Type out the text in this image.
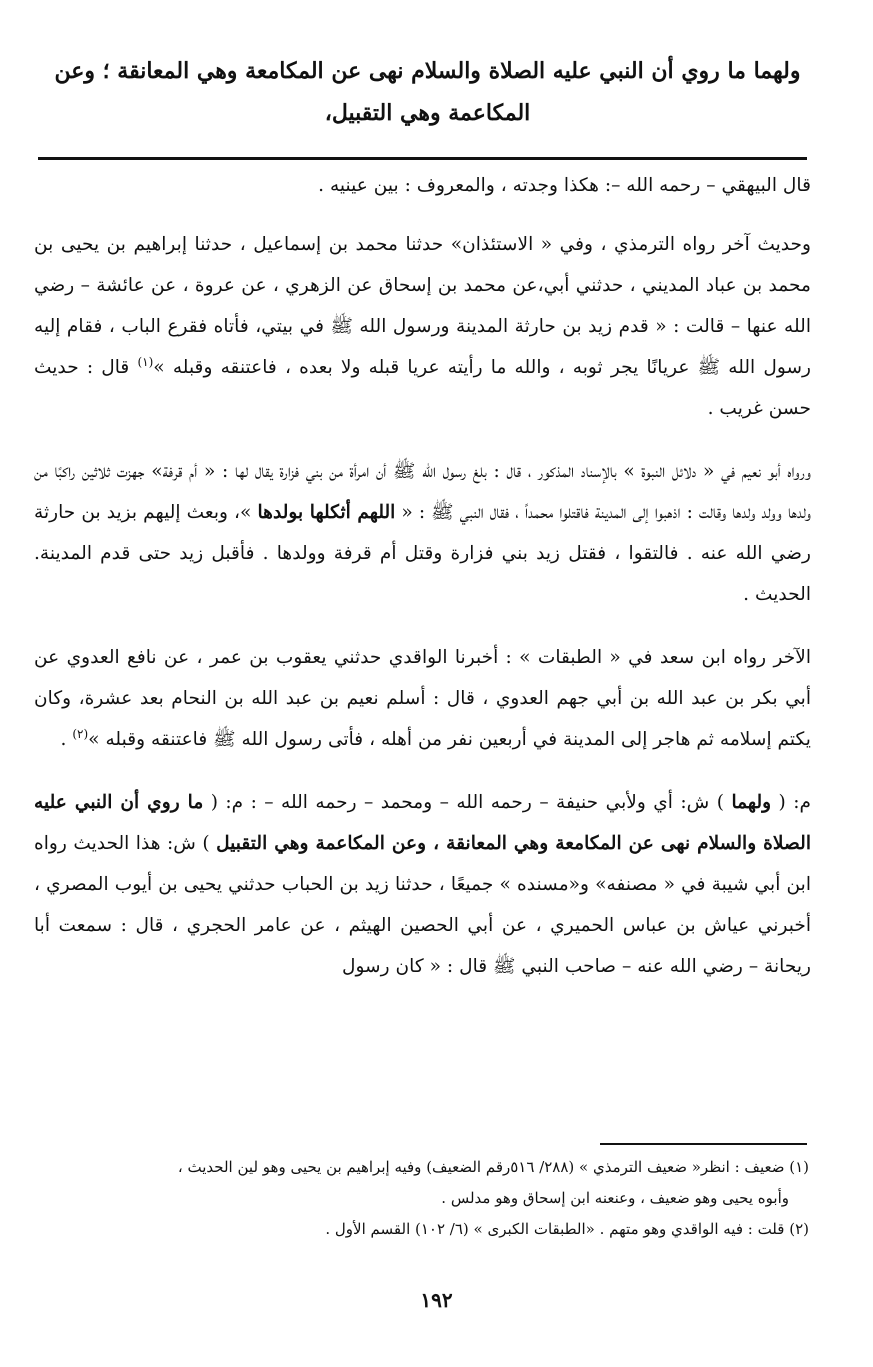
ولهما ما روي أن النبي عليه الصلاة والسلام نهى عن المكامعة وهي المعانقة ؛ وعن المكاعمة وهي التقبيل،

قال البيهقي – رحمه الله –: هكذا وجدته ، والمعروف : بين عينيه .

وحديث آخر رواه الترمذي ، وفي « الاستئذان» حدثنا محمد بن إسماعيل ، حدثنا إبراهيم بن يحيى بن محمد بن عباد المديني ، حدثني أبي،عن محمد بن إسحاق عن الزهري ، عن عروة ، عن عائشة – رضي الله عنها – قالت : « قدم زيد بن حارثة المدينة ورسول الله ﷺ في بيتي، فأتاه فقرع الباب ، فقام إليه رسول الله ﷺ عريانًا يجر ثوبه ، والله ما رأيته عريا قبله ولا بعده ، فاعتنقه وقبله »$^{(١)}$ قال : حديث حسن غريب .

ورواه أبو نعيم في « دلائل النبوة » بالإسناد المذكور ، قال : بلغ رسول الله ﷺ أن امرأة من بني فزارة يقال لها : « أم قرفة» جهزت ثلاثين راكبًا من ولدها وولد ولدها وقالت : اذهبوا إلى المدينة فاقتلوا محمداً ، فقال النبي ﷺ : « اللهم أثكلها بولدها »، وبعث إليهم بزيد بن حارثة رضي الله عنه . فالتقوا ، فقتل زيد بني فزارة وقتل أم قرفة وولدها . فأقبل زيد حتى قدم المدينة. الحديث .

الآخر رواه ابن سعد في « الطبقات » : أخبرنا الواقدي حدثني يعقوب بن عمر ، عن نافع العدوي عن أبي بكر بن عبد الله بن أبي جهم العدوي ، قال : أسلم نعيم بن عبد الله بن النحام بعد عشرة، وكان يكتم إسلامه ثم هاجر إلى المدينة في أربعين نفر من أهله ، فأتى رسول الله ﷺ فاعتنقه وقبله »$^{(٢)}$ .

م: ( ولهما ) ش: أي ولأبي حنيفة – رحمه الله – ومحمد – رحمه الله – : م: ( ما روي أن النبي عليه الصلاة والسلام نهى عن المكامعة وهي المعانقة ، وعن المكاعمة وهي التقبيل ) ش: هذا الحديث رواه ابن أبي شيبة في « مصنفه» و«مسنده » جميعًا ، حدثنا زيد بن الحباب حدثني يحيى بن أيوب المصري ، أخبرني عياش بن عباس الحميري ، عن أبي الحصين الهيثم ، عن عامر الحجري ، قال : سمعت أبا ريحانة – رضي الله عنه – صاحب النبي ﷺ قال : « كان رسول

(١) ضعيف : انظر« ضعيف الترمذي » (٢٨٨/ ٥١٦رقم الضعيف) وفيه إبراهيم بن يحيى وهو لين الحديث ،

وأبوه يحيى وهو ضعيف ، وعنعنه ابن إسحاق وهو مدلس .

(٢) قلت : فيه الواقدي وهو متهم . «الطبقات الكبرى » (٦/ ١٠٢) القسم الأول .

١٩٢
